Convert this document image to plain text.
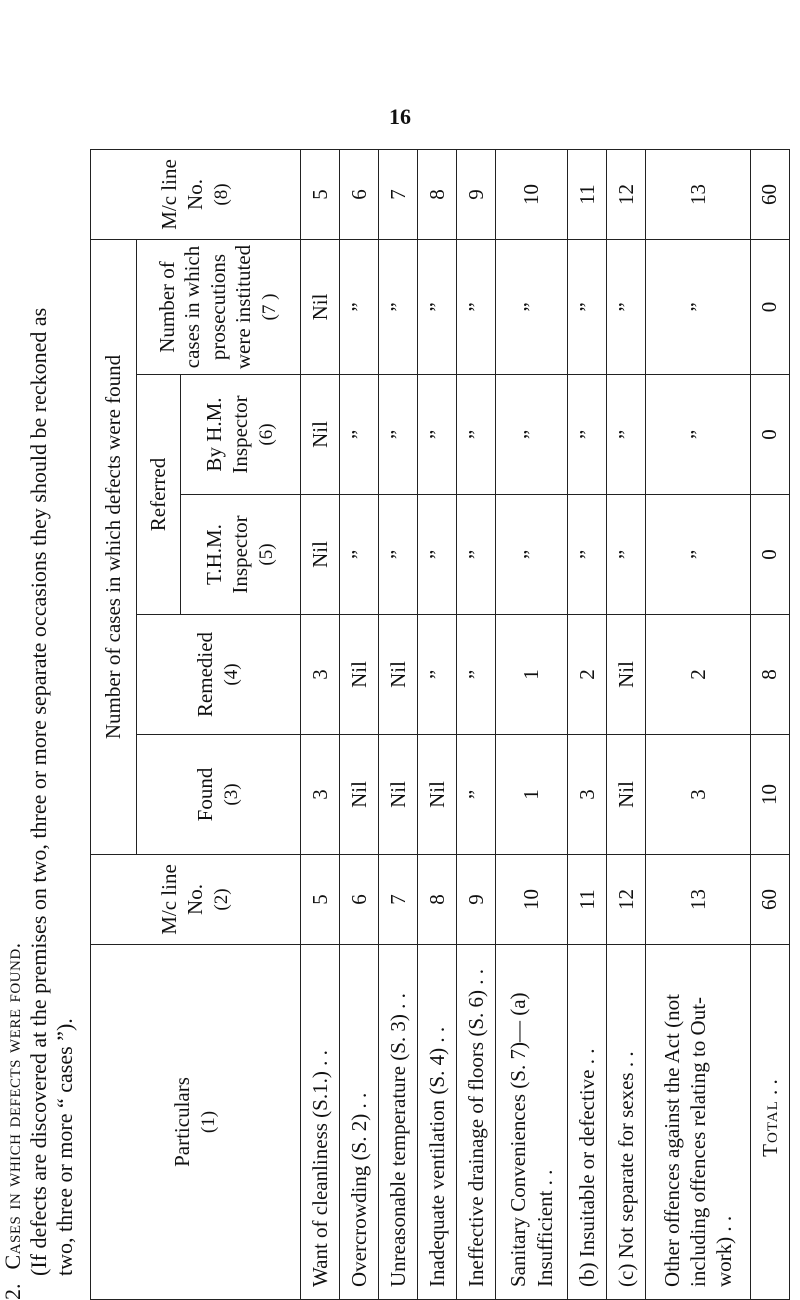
16
2.Cases in which defects were found. (If defects are discovered at the premises on two, three or more separate occasions they should be reckoned as two, three or more “ cases ”).	Particulars (1)	M/c line No. (2)	Number of cases in which defects were found					M/c line No. (8)
		Found (3)	Remedied (4)	Referred		Number of cases in which prosecutions were instituted (7 )	
				T.H.M. Inspector (5)	By H.M. Inspector (6)		
Want of cleanliness (S.1.) . .	5	3	3	Nil	Nil	Nil	5
Overcrowding (S. 2) . .	6	Nil	Nil	”	”	”	6
Unreasonable temperature (S. 3) . .	7	Nil	Nil	”	”	”	7
Inadequate ventilation (S. 4) . .	8	Nil	”	”	”	”	8
Ineffective drainage of floors (S. 6) . .	9	”	”	”	”	”	9
Sanitary Conveniences (S. 7)— (a) Insufficient . .	10	1	1	”	”	”	10
(b) Insuitable or defective . .	11	3	2	”	”	”	11
(c) Not separate for sexes . .	12	Nil	Nil	”	”	”	12
Other offences against the Act (not including offences relating to Out-work) . .	13	3	2	”	”	”	13
Total . .	60	10	8	0	0	0	60
